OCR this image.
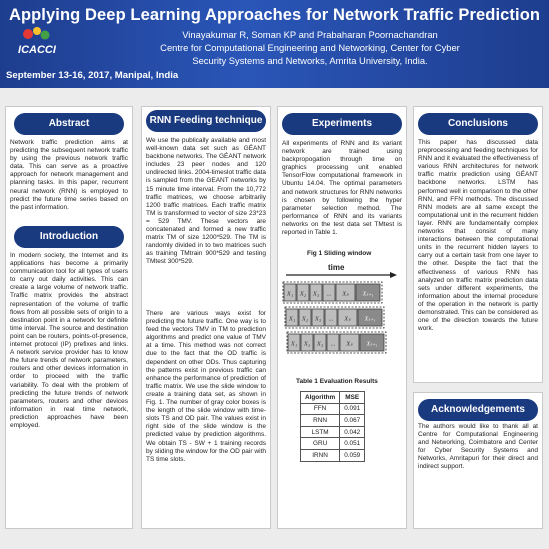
Applying Deep Learning Approaches for Network Traffic Prediction
ICACCI
Vinayakumar R, Soman KP and Prabaharan Poornachandran
Centre for Computational Engineering and Networking, Center for Cyber
Security Systems and Networks, Amrita University, India.
September 13-16, 2017, Manipal, India
Abstract
Network traffic prediction aims at predicting the subsequent network traffic by using the previous network traffic data. This can serve as a proactive approach for network management and planning tasks. In this paper, recurrent neural network (RNN) is employed to predict the future time series based on the past information.
Introduction
In modern society, the Internet and its applications has become a primarily communication tool for all types of users to carry out daily activities. This can create a large volume of network traffic. Traffic matrix provides the abstract representation of the volume of traffic flows from all possible sets of origin to a destination point in a network for definite time interval. The source and destination point can be routers, points-of-presence, internet protocol (IP) prefixes and links. A network service provider has to know the future trends of network parameters, routers and other devices information in order to proceed with the traffic variability. To deal with the problem of predicting the future trends of network parameters, routers and other devices information in real time network, prediction approaches have been employed.
RNN Feeding technique
We use the publically available and most well-known data set such as GÉANT backbone networks. The GÉANT network includes 23 peer nodes and 120 undirected links. 2004-timeslot traffic data is sampled from the GEANT networks by 15 minute time interval. From the 10,772 traffic matrices, we choose arbitrarily 1200 traffic matrices. Each traffic matrix TM is transformed to vector of size 23*23 = 529 TMV. These vectors are concatenated and formed a new traffic matrix TM of size 1200*529. The TM is randomly divided in to two matrices such as training TMtrain 900*529 and testing TMtest 300*529.
There are various ways exist for predicting the future traffic. One way is to feed the vectors TMV in TM to prediction algorithms and predict one value of TMV at a time. This method was not correct due to the fact that the OD traffic is dependent on other ODs. Thus capturing the patterns exist in previous traffic can enhance the performance of prediction of traffic matrix. We use the slide window to create a training data set, as shown in Fig. 1. The number of gray color boxes is the length of the slide window with time-slots TS and OD pair. The values exist in right side of the slide window is the predicted value by prediction algorithms. We obtain TS - SW + 1 training records by sliding the window for the OD pair with TS time slots.
Experiments
All experiments of RNN and its variant network are trained using backpropogation through time on graphics processing unit enabled TensorFlow computational framework in Ubuntu 14.04. The optimal parameters and network structures for RNN networks is chosen by following the hyper parameter selection method. The performance of RNN and its variants networks on the test data set TMtest is reported in Table 1.
Fig 1 Sliding window
time
X₁ X₂ X₃ ... Xₛ Xₛ₊₁
X₁ X₂ X₃ ... Xₛ Xₛ₊₁
X₁ X₂ X₃ ... Xₛ Xₛ₊₁
Table 1 Evaluation Results
Algorithm	MSE
FFN	0.091
RNN	0.067
LSTM	0.042
GRU	0.051
IRNN	0.059
Conclusions
This paper has discussed data preprocessing and feeding techniques for RNN and it evaluated the effectiveness of various RNN architectures for network traffic matrix prediction using GÉANT backbone networks. LSTM has performed well in comparison to the other RNN, and FFN methods. The discussed RNN models are all same except the computational unit in the recurrent hidden layer. RNN are fundamentally complex networks that consist of many interactions between the computational units in the recurrent hidden layers to carry out a certain task from one layer to the other. Despite the fact that the effectiveness of various RNN has analyzed on traffic matrix prediction data sets under different experiments, the information about the internal procedure of the operation in the network is partly demonstrated. This can be considered as one of the direction towards the future work.
Acknowledgements
The authors would like to thank all at Centre for Computational Engineering and Networking, Coimbatore and Center for Cyber Security Systems and Networks, Amritapuri for their direct and indirect support.
